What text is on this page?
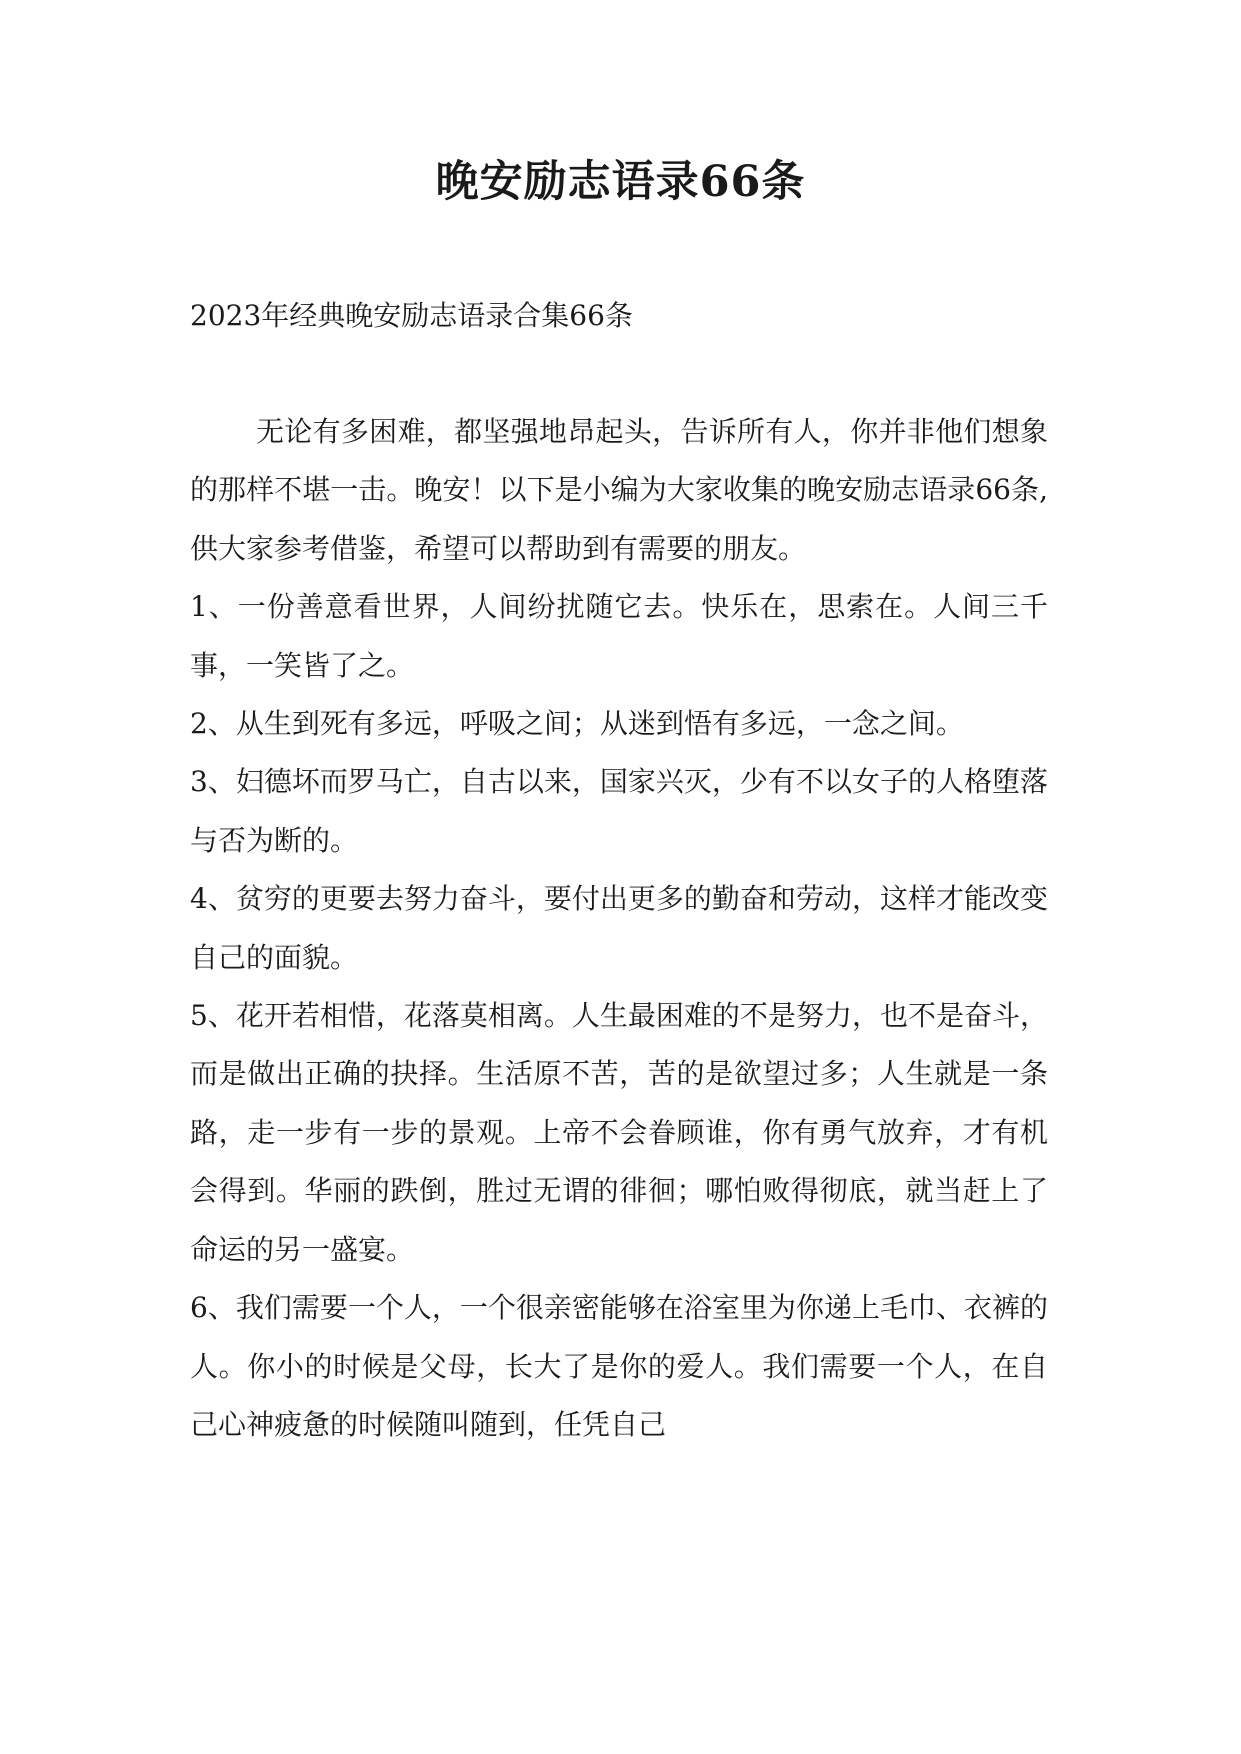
晚安励志语录66条

2023年经典晚安励志语录合集66条

无论有多困难，都坚强地昂起头，告诉所有人，你并非他们想象的那样不堪一击。晚安！以下是小编为大家收集的晚安励志语录66条,供大家参考借鉴，希望可以帮助到有需要的朋友。

1、一份善意看世界，人间纷扰随它去。快乐在，思索在。人间三千事，一笑皆了之。

2、从生到死有多远，呼吸之间；从迷到悟有多远，一念之间。

3、妇德坏而罗马亡，自古以来，国家兴灭，少有不以女子的人格堕落与否为断的。

4、贫穷的更要去努力奋斗，要付出更多的勤奋和劳动，这样才能改变自己的面貌。

5、花开若相惜，花落莫相离。人生最困难的不是努力，也不是奋斗，而是做出正确的抉择。生活原不苦，苦的是欲望过多；人生就是一条路，走一步有一步的景观。上帝不会眷顾谁，你有勇气放弃，才有机会得到。华丽的跌倒，胜过无谓的徘徊；哪怕败得彻底，就当赶上了命运的另一盛宴。

6、我们需要一个人，一个很亲密能够在浴室里为你递上毛巾、衣裤的人。你小的时候是父母，长大了是你的爱人。我们需要一个人，在自己心神疲惫的时候随叫随到，任凭自己
